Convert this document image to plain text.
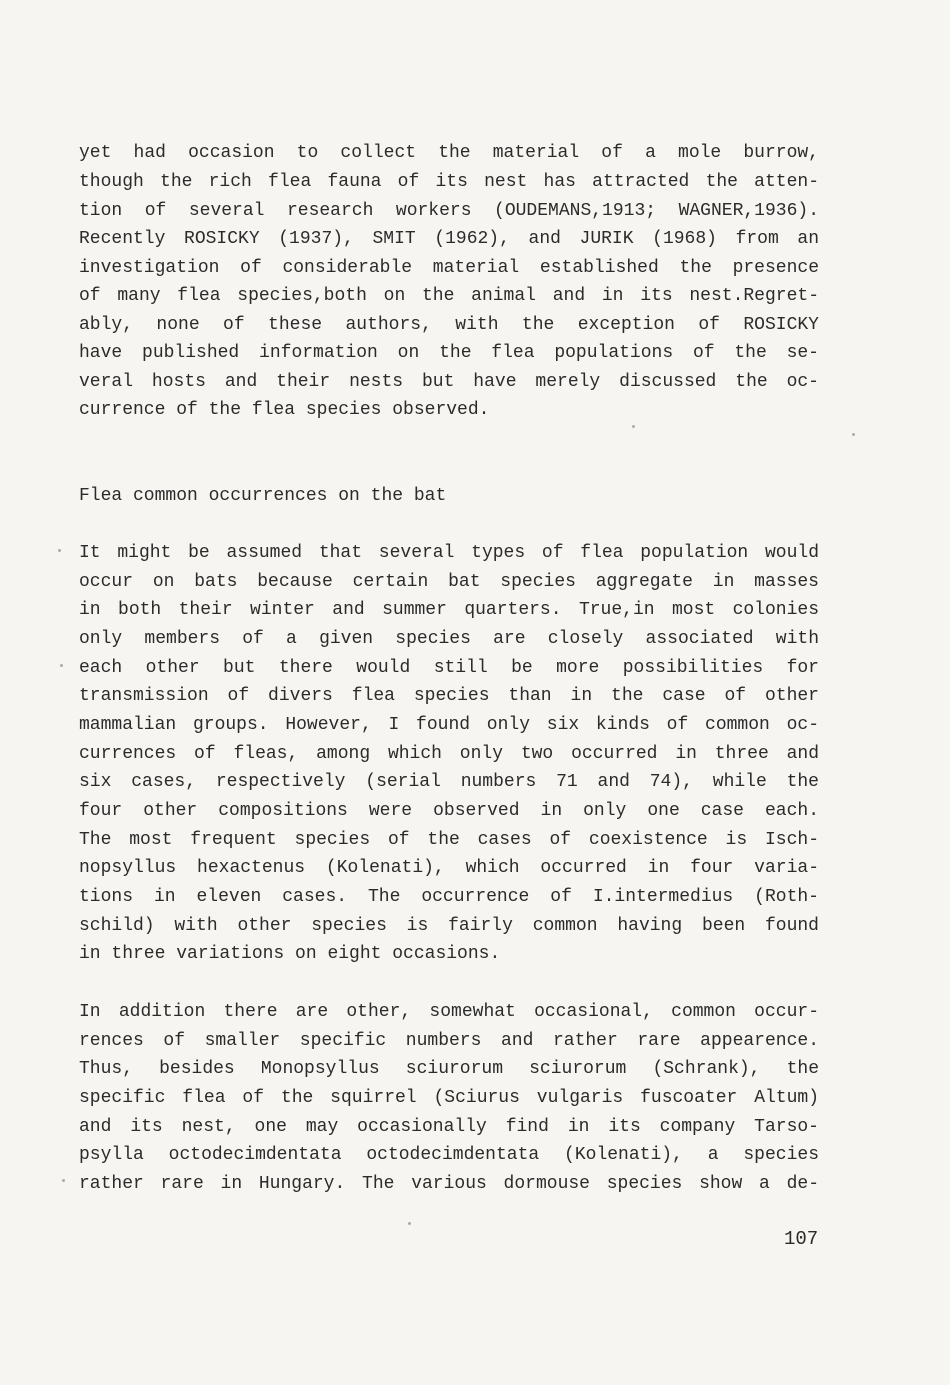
yet had occasion to collect the material of a mole burrow,
though the rich flea fauna of its nest has attracted the atten-
tion of several research workers (OUDEMANS,1913; WAGNER,1936).
Recently ROSICKY (1937), SMIT (1962), and JURIK (1968) from an
investigation of considerable material established the presence
of many flea species,both on the animal and in its nest.Regret-
ably, none of these authors, with the exception of ROSICKY
have published information on the flea populations of the se-
veral hosts and their nests but have merely discussed the oc-
currence of the flea species observed.
Flea common occurrences on the bat
It might be assumed that several types of flea population would
occur on bats because certain bat species aggregate in masses
in both their winter and summer quarters. True,in most colonies
only members of a given species are closely associated with
each other but there would still be more possibilities for
transmission of divers flea species than in the case of other
mammalian groups. However, I found only six kinds of common oc-
currences of fleas, among which only two occurred in three and
six cases, respectively (serial numbers 71 and 74), while the
four other compositions were observed in only one case each.
The most frequent species of the cases of coexistence is Isch-
nopsyllus hexactenus (Kolenati), which occurred in four varia-
tions in eleven cases. The occurrence of I.intermedius (Roth-
schild) with other species is fairly common having been found
in three variations on eight occasions.
In addition there are other, somewhat occasional, common occur-
rences of smaller specific numbers and rather rare appearence.
Thus, besides Monopsyllus sciurorum sciurorum (Schrank), the
specific flea of the squirrel (Sciurus vulgaris fuscoater Altum)
and its nest, one may occasionally find in its company Tarso-
psylla octodecimdentata octodecimdentata (Kolenati), a species
rather rare in Hungary. The various dormouse species show a de-
107
